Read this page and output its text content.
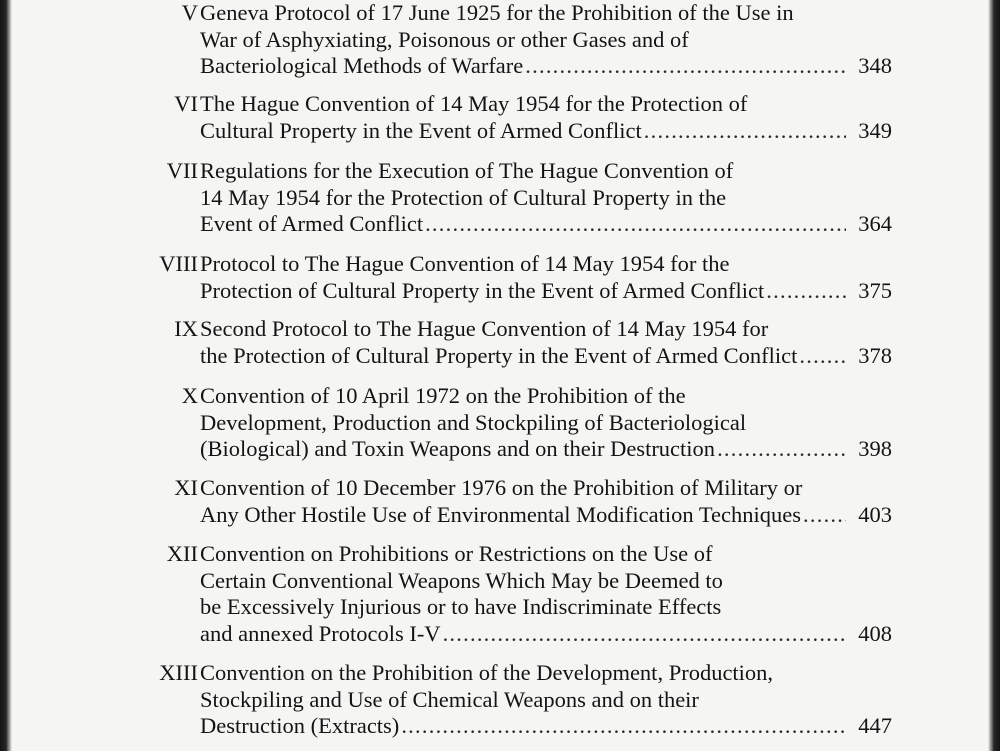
V Geneva Protocol of 17 June 1925 for the Prohibition of the Use in
War of Asphyxiating, Poisonous or other Gases and of
Bacteriological Methods of Warfare . . .	348
VI The Hague Convention of 14 May 1954 for the Protection of
Cultural Property in the Event of Armed Conflict . . .	349
VII Regulations for the Execution of The Hague Convention of
14 May 1954 for the Protection of Cultural Property in the
Event of Armed Conflict . . .	364
VIII Protocol to The Hague Convention of 14 May 1954 for the
Protection of Cultural Property in the Event of Armed Conflict . . .	375
IX Second Protocol to The Hague Convention of 14 May 1954 for
the Protection of Cultural Property in the Event of Armed Conflict . . .	378
X Convention of 10 April 1972 on the Prohibition of the
Development, Production and Stockpiling of Bacteriological
(Biological) and Toxin Weapons and on their Destruction . . .	398
XI Convention of 10 December 1976 on the Prohibition of Military or
Any Other Hostile Use of Environmental Modification Techniques . . .	403
XII Convention on Prohibitions or Restrictions on the Use of
Certain Conventional Weapons Which May be Deemed to
be Excessively Injurious or to have Indiscriminate Effects
and annexed Protocols I-V . . .	408
XIII Convention on the Prohibition of the Development, Production,
Stockpiling and Use of Chemical Weapons and on their
Destruction (Extracts) . . .	447
